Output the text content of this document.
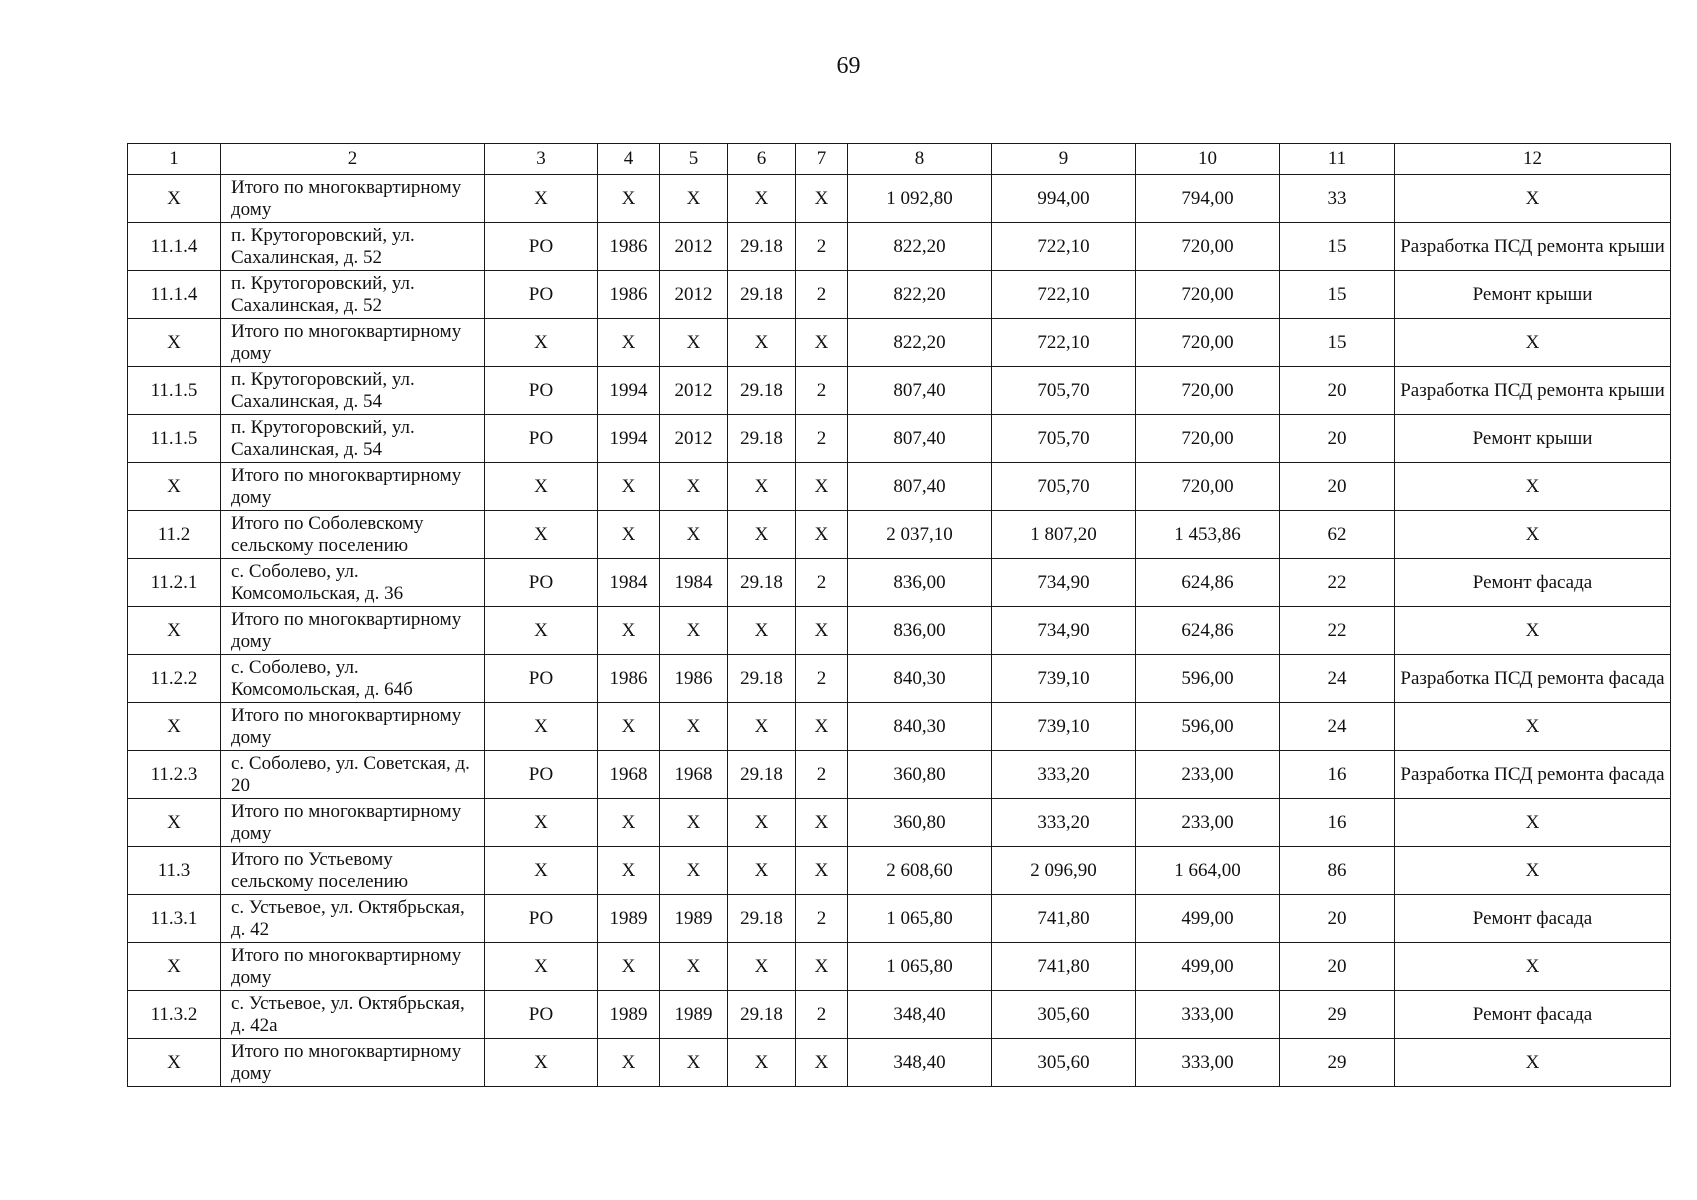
69
1	2	3	4	5	6	7	8	9	10	11	12
Х	Итого по многоквартирному дому	Х	Х	Х	Х	Х	1 092,80	994,00	794,00	33	Х
11.1.4	п. Крутогоровский, ул. Сахалинская, д. 52	РО	1986	2012	29.18	2	822,20	722,10	720,00	15	Разработка ПСД ремонта крыши
11.1.4	п. Крутогоровский, ул. Сахалинская, д. 52	РО	1986	2012	29.18	2	822,20	722,10	720,00	15	Ремонт крыши
Х	Итого по многоквартирному дому	Х	Х	Х	Х	Х	822,20	722,10	720,00	15	Х
11.1.5	п. Крутогоровский, ул. Сахалинская, д. 54	РО	1994	2012	29.18	2	807,40	705,70	720,00	20	Разработка ПСД ремонта крыши
11.1.5	п. Крутогоровский, ул. Сахалинская, д. 54	РО	1994	2012	29.18	2	807,40	705,70	720,00	20	Ремонт крыши
Х	Итого по многоквартирному дому	Х	Х	Х	Х	Х	807,40	705,70	720,00	20	Х
11.2	Итого по Соболевскому сельскому поселению	Х	Х	Х	Х	Х	2 037,10	1 807,20	1 453,86	62	Х
11.2.1	с. Соболево, ул. Комсомольская, д. 36	РО	1984	1984	29.18	2	836,00	734,90	624,86	22	Ремонт фасада
Х	Итого по многоквартирному дому	Х	Х	Х	Х	Х	836,00	734,90	624,86	22	Х
11.2.2	с. Соболево, ул. Комсомольская, д. 64б	РО	1986	1986	29.18	2	840,30	739,10	596,00	24	Разработка ПСД ремонта фасада
Х	Итого по многоквартирному дому	Х	Х	Х	Х	Х	840,30	739,10	596,00	24	Х
11.2.3	с. Соболево, ул. Советская, д. 20	РО	1968	1968	29.18	2	360,80	333,20	233,00	16	Разработка ПСД ремонта фасада
Х	Итого по многоквартирному дому	Х	Х	Х	Х	Х	360,80	333,20	233,00	16	Х
11.3	Итого по Устьевому сельскому поселению	Х	Х	Х	Х	Х	2 608,60	2 096,90	1 664,00	86	Х
11.3.1	с. Устьевое, ул. Октябрьская, д. 42	РО	1989	1989	29.18	2	1 065,80	741,80	499,00	20	Ремонт фасада
Х	Итого по многоквартирному дому	Х	Х	Х	Х	Х	1 065,80	741,80	499,00	20	Х
11.3.2	с. Устьевое, ул. Октябрьская, д. 42а	РО	1989	1989	29.18	2	348,40	305,60	333,00	29	Ремонт фасада
Х	Итого по многоквартирному дому	Х	Х	Х	Х	Х	348,40	305,60	333,00	29	Х
